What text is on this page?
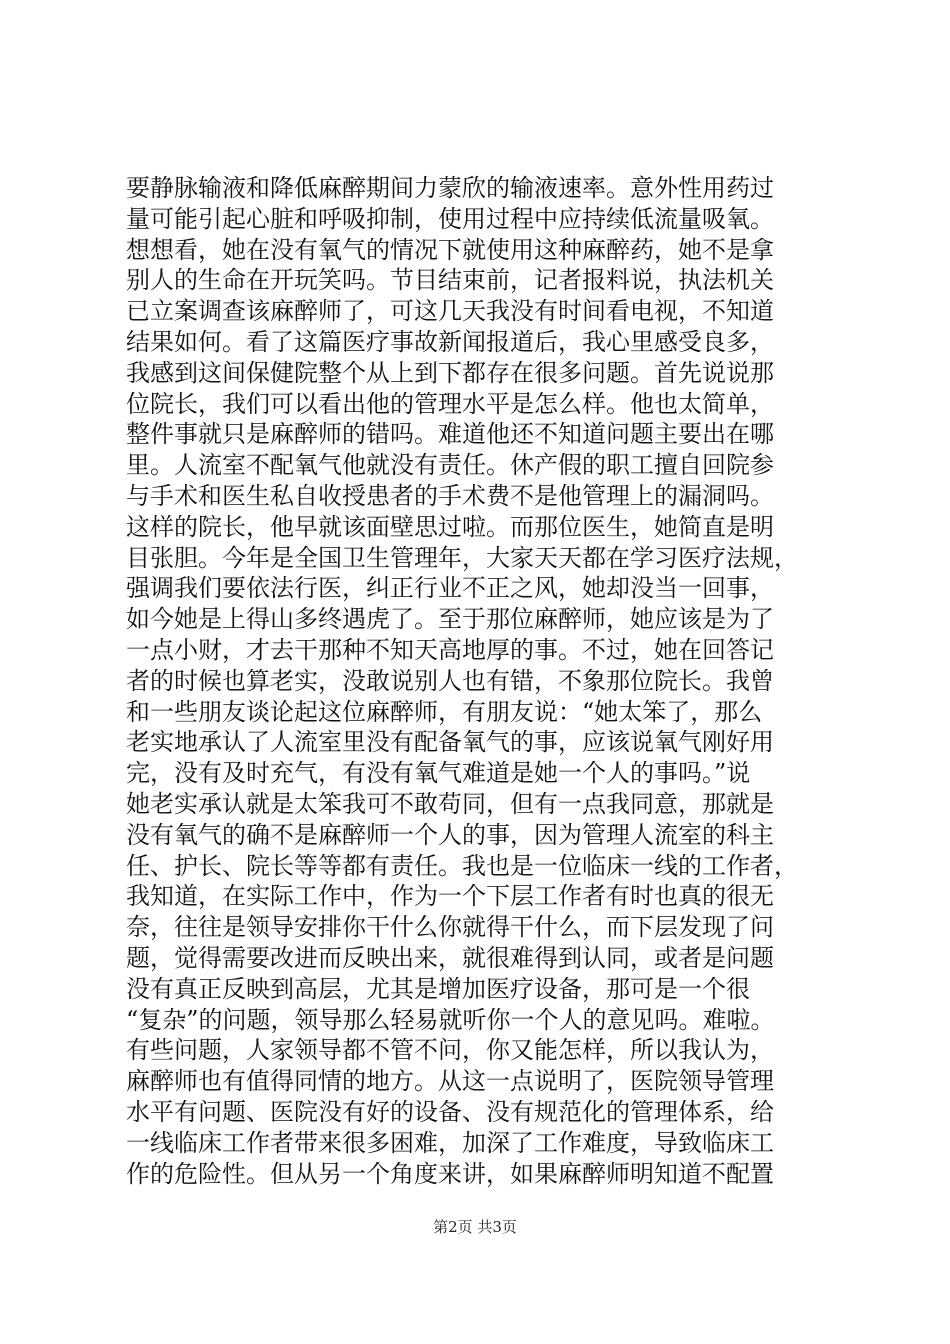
要静脉输液和降低麻醉期间力蒙欣的输液速率。意外性用药过
量可能引起心脏和呼吸抑制，使用过程中应持续低流量吸氧。
想想看，她在没有氧气的情况下就使用这种麻醉药，她不是拿
别人的生命在开玩笑吗。节目结束前，记者报料说，执法机关
已立案调查该麻醉师了，可这几天我没有时间看电视，不知道
结果如何。看了这篇医疗事故新闻报道后，我心里感受良多，
我感到这间保健院整个从上到下都存在很多问题。首先说说那
位院长，我们可以看出他的管理水平是怎么样。他也太简单，
整件事就只是麻醉师的错吗。难道他还不知道问题主要出在哪
里。人流室不配氧气他就没有责任。休产假的职工擅自回院参
与手术和医生私自收授患者的手术费不是他管理上的漏洞吗。
这样的院长，他早就该面壁思过啦。而那位医生，她简直是明
目张胆。今年是全国卫生管理年，大家天天都在学习医疗法规，
强调我们要依法行医，纠正行业不正之风，她却没当一回事，
如今她是上得山多终遇虎了。至于那位麻醉师，她应该是为了
一点小财，才去干那种不知天高地厚的事。不过，她在回答记
者的时候也算老实，没敢说别人也有错，不象那位院长。我曾
和一些朋友谈论起这位麻醉师，有朋友说：“她太笨了，那么
老实地承认了人流室里没有配备氧气的事，应该说氧气刚好用
完，没有及时充气，有没有氧气难道是她一个人的事吗。”说
她老实承认就是太笨我可不敢苟同，但有一点我同意，那就是
没有氧气的确不是麻醉师一个人的事，因为管理人流室的科主
任、护长、院长等等都有责任。我也是一位临床一线的工作者，
我知道，在实际工作中，作为一个下层工作者有时也真的很无
奈，往往是领导安排你干什么你就得干什么，而下层发现了问
题，觉得需要改进而反映出来，就很难得到认同，或者是问题
没有真正反映到高层，尤其是增加医疗设备，那可是一个很
“复杂”的问题，领导那么轻易就听你一个人的意见吗。难啦。
有些问题，人家领导都不管不问，你又能怎样，所以我认为，
麻醉师也有值得同情的地方。从这一点说明了，医院领导管理
水平有问题、医院没有好的设备、没有规范化的管理体系，给
一线临床工作者带来很多困难，加深了工作难度，导致临床工
作的危险性。但从另一个角度来讲，如果麻醉师明知道不配置
第2页 共3页
